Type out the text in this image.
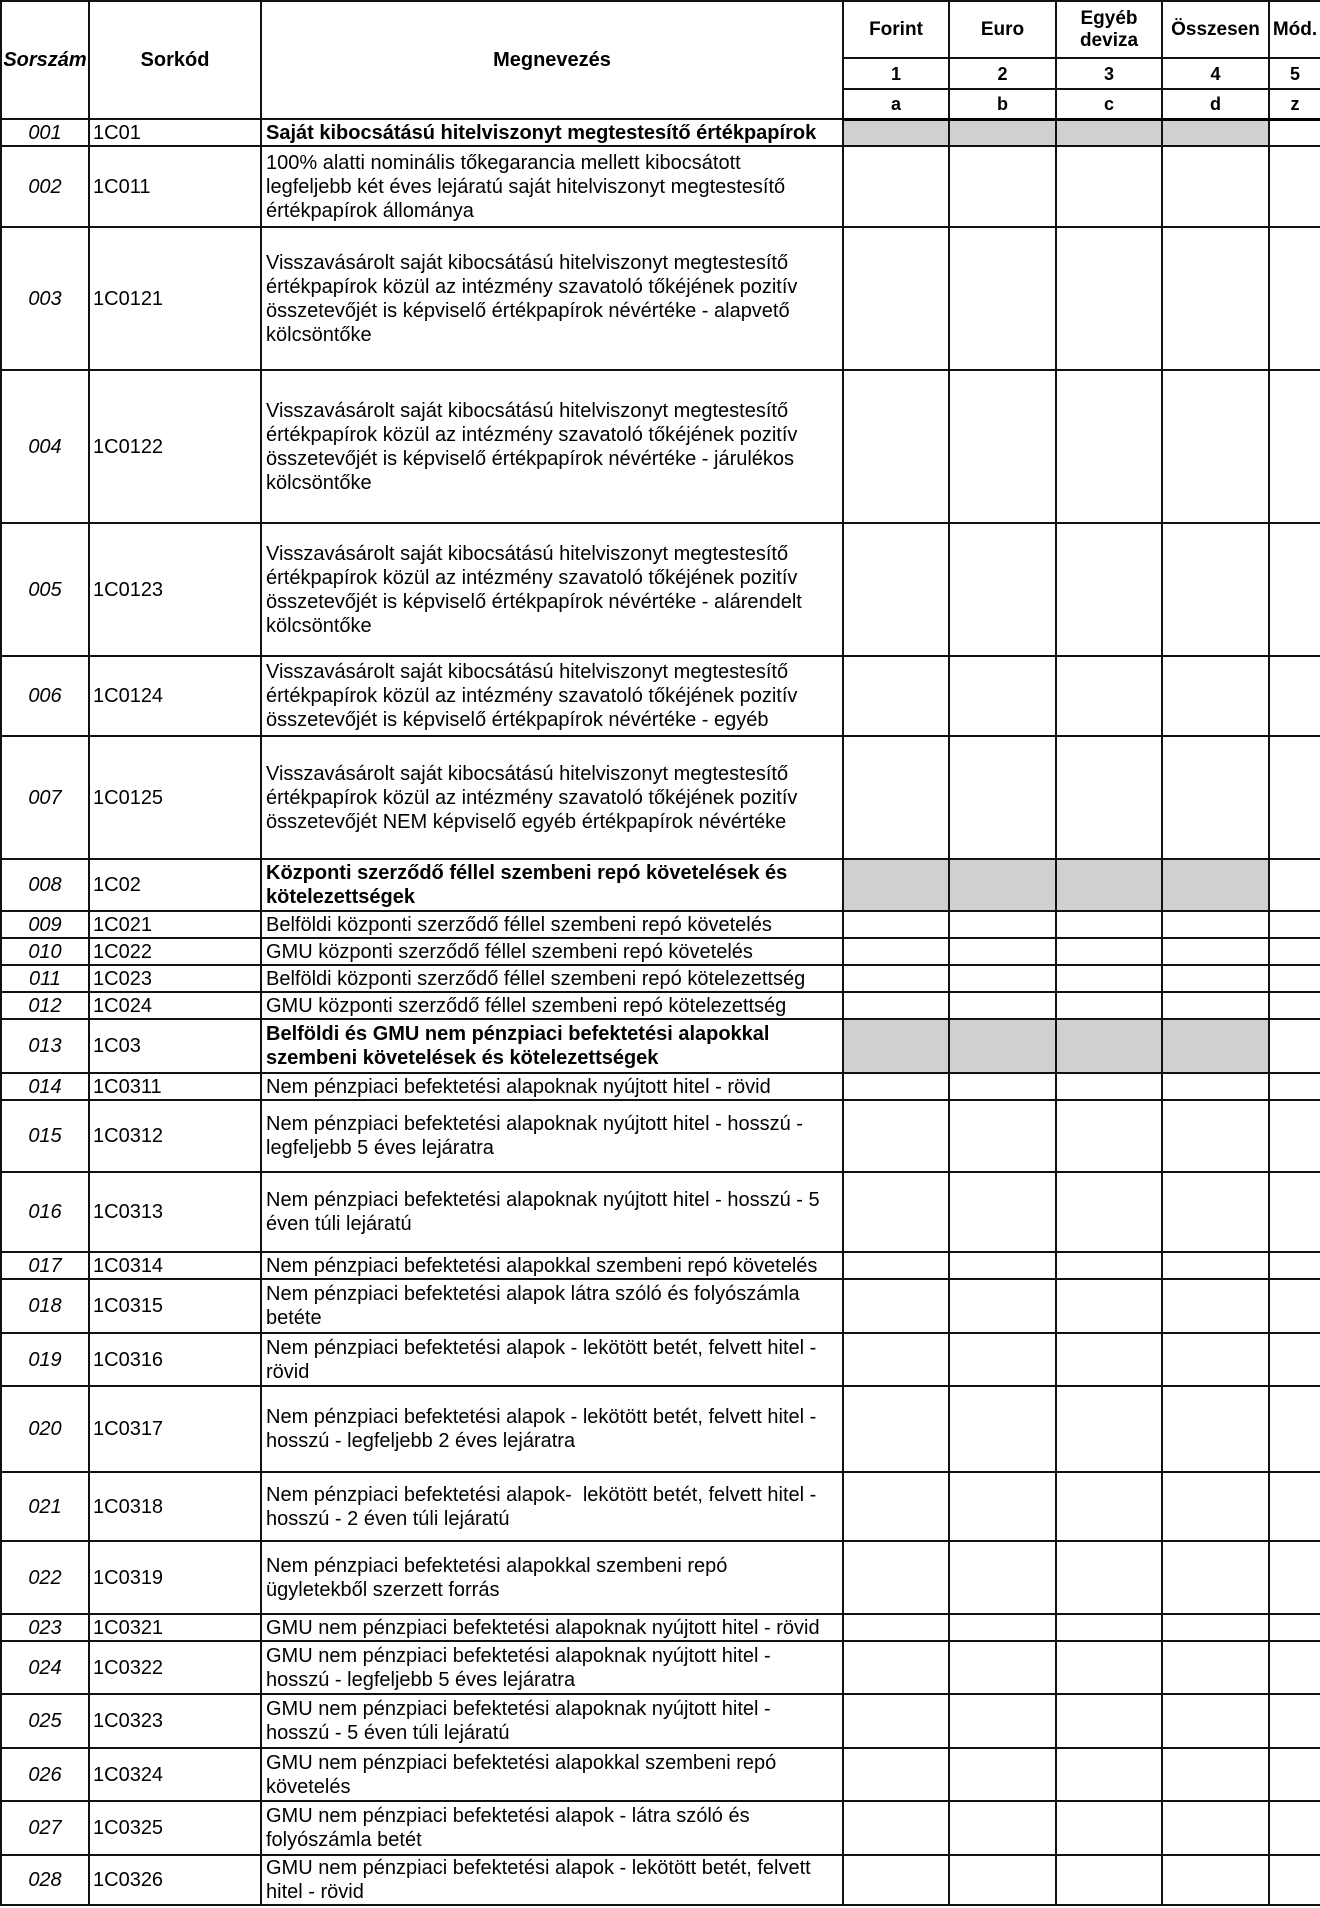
Sorszám	Sorkód	Megnevezés	Forint	Euro	Egyéb
deviza	Összesen	Mód.
			1	2	3	4	5
			a	b	c	d	z
001	1C01	Saját kibocsátású hitelviszonyt megtestesítő értékpapírok					
002	1C011	100% alatti nominális tőkegarancia mellett kibocsátott
legfeljebb két éves lejáratú saját hitelviszonyt megtestesítő
értékpapírok állománya					
003	1C0121	Visszavásárolt saját kibocsátású hitelviszonyt megtestesítő
értékpapírok közül az intézmény szavatoló tőkéjének pozitív
összetevőjét is képviselő értékpapírok névértéke - alapvető
kölcsöntőke					
004	1C0122	Visszavásárolt saját kibocsátású hitelviszonyt megtestesítő
értékpapírok közül az intézmény szavatoló tőkéjének pozitív
összetevőjét is képviselő értékpapírok névértéke - járulékos
kölcsöntőke					
005	1C0123	Visszavásárolt saját kibocsátású hitelviszonyt megtestesítő
értékpapírok közül az intézmény szavatoló tőkéjének pozitív
összetevőjét is képviselő értékpapírok névértéke - alárendelt
kölcsöntőke					
006	1C0124	Visszavásárolt saját kibocsátású hitelviszonyt megtestesítő
értékpapírok közül az intézmény szavatoló tőkéjének pozitív
összetevőjét is képviselő értékpapírok névértéke - egyéb					
007	1C0125	Visszavásárolt saját kibocsátású hitelviszonyt megtestesítő
értékpapírok közül az intézmény szavatoló tőkéjének pozitív
összetevőjét NEM képviselő egyéb értékpapírok névértéke					
008	1C02	Központi szerződő féllel szembeni repó követelések és
kötelezettségek					
009	1C021	Belföldi központi szerződő féllel szembeni repó követelés					
010	1C022	GMU központi szerződő féllel szembeni repó követelés					
011	1C023	Belföldi központi szerződő féllel szembeni repó kötelezettség					
012	1C024	GMU központi szerződő féllel szembeni repó kötelezettség					
013	1C03	Belföldi és GMU nem pénzpiaci befektetési alapokkal
szembeni követelések és kötelezettségek					
014	1C0311	Nem pénzpiaci befektetési alapoknak nyújtott hitel - rövid					
015	1C0312	Nem pénzpiaci befektetési alapoknak nyújtott hitel - hosszú -
legfeljebb 5 éves lejáratra					
016	1C0313	Nem pénzpiaci befektetési alapoknak nyújtott hitel - hosszú - 5
éven túli lejáratú					
017	1C0314	Nem pénzpiaci befektetési alapokkal szembeni repó követelés					
018	1C0315	Nem pénzpiaci befektetési alapok látra szóló és folyószámla
betéte					
019	1C0316	Nem pénzpiaci befektetési alapok - lekötött betét, felvett hitel -
rövid					
020	1C0317	Nem pénzpiaci befektetési alapok - lekötött betét, felvett hitel -
hosszú - legfeljebb 2 éves lejáratra					
021	1C0318	Nem pénzpiaci befektetési alapok-  lekötött betét, felvett hitel -
hosszú - 2 éven túli lejáratú					
022	1C0319	Nem pénzpiaci befektetési alapokkal szembeni repó
ügyletekből szerzett forrás					
023	1C0321	GMU nem pénzpiaci befektetési alapoknak nyújtott hitel - rövid					
024	1C0322	GMU nem pénzpiaci befektetési alapoknak nyújtott hitel -
hosszú - legfeljebb 5 éves lejáratra					
025	1C0323	GMU nem pénzpiaci befektetési alapoknak nyújtott hitel -
hosszú - 5 éven túli lejáratú					
026	1C0324	GMU nem pénzpiaci befektetési alapokkal szembeni repó
követelés					
027	1C0325	GMU nem pénzpiaci befektetési alapok - látra szóló és
folyószámla betét					
028	1C0326	GMU nem pénzpiaci befektetési alapok - lekötött betét, felvett
hitel - rövid					
